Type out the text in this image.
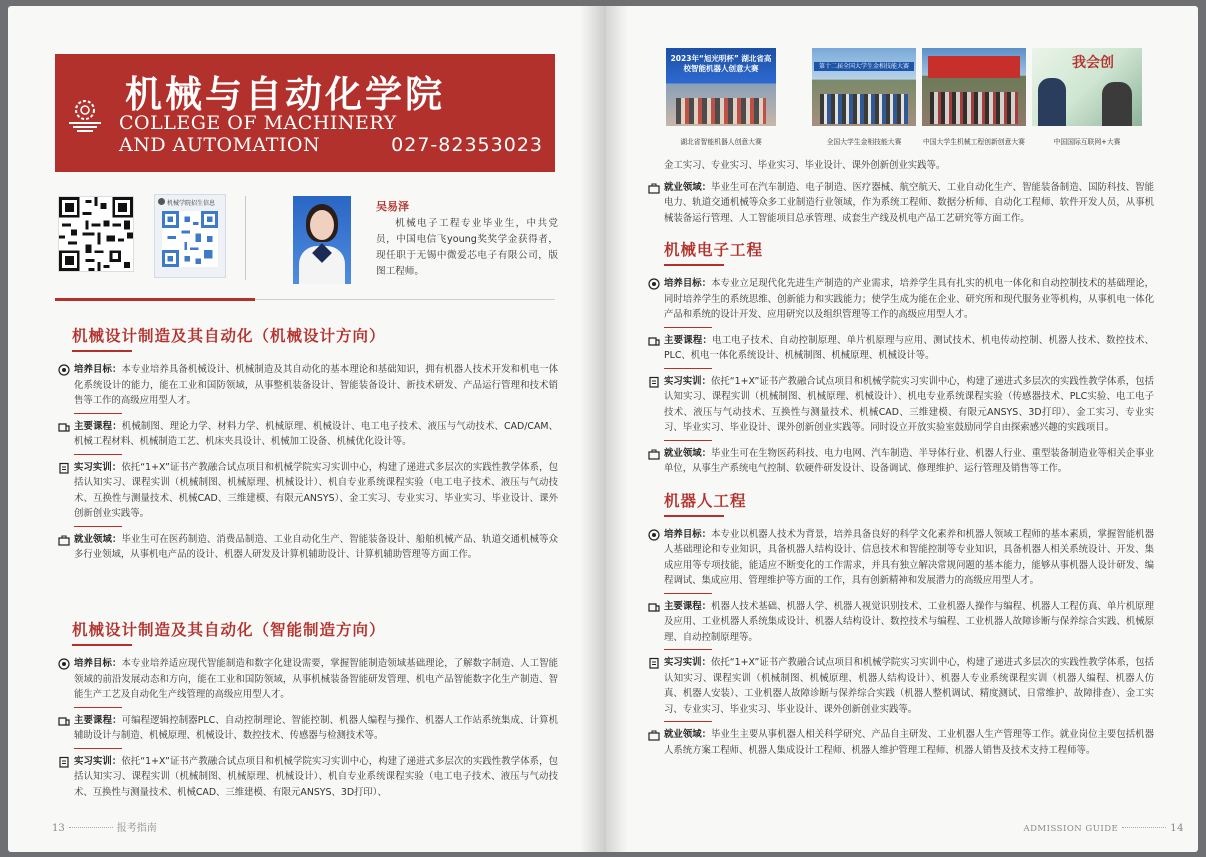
机械与自动化学院
COLLEGE OF MACHINERY
AND AUTOMATION	027-82353023
机械学院招生信息	吴易泽
机械电子工程专业毕业生，中共党员，中国电信飞young奖奖学金获得者，现任职于无锡中微爱芯电子有限公司，版图工程师。
机械设计制造及其自动化（机械设计方向）
培养目标：本专业培养具备机械设计、机械制造及其自动化的基本理论和基础知识，拥有机器人技术开发和机电一体化系统设计的能力，能在工业和国防领域，从事整机装备设计、智能装备设计、新技术研发、产品运行管理和技术销售等工作的高级应用型人才。
主要课程：机械制图、理论力学、材料力学、机械原理、机械设计、电工电子技术、液压与气动技术、CAD/CAM、机械工程材料、机械制造工艺、机床夹具设计、机械加工设备、机械优化设计等。
实习实训：依托“1+X”证书产教融合试点项目和机械学院实习实训中心，构建了递进式多层次的实践性教学体系，包括认知实习、课程实训（机械制图、机械原理、机械设计）、机自专业系统课程实验（电工电子技术、液压与气动技术、互换性与测量技术、机械CAD、三维建模、有限元ANSYS）、金工实习、专业实习、毕业实习、毕业设计、课外创新创业实践等。
就业领域：毕业生可在医药制造、消费品制造、工业自动化生产、智能装备设计、船舶机械产品、轨道交通机械等众多行业领域，从事机电产品的设计、机器人研发及计算机辅助设计、计算机辅助管理等方面工作。
机械设计制造及其自动化（智能制造方向）
培养目标：本专业培养适应现代智能制造和数字化建设需要，掌握智能制造领域基础理论，了解数字制造、人工智能领域的前沿发展动态和方向，能在工业和国防领域，从事机械装备智能研发管理、机电产品智能数字化生产制造、智能生产工艺及自动化生产线管理的高级应用型人才。
主要课程：可编程逻辑控制器PLC、自动控制理论、智能控制、机器人编程与操作、机器人工作站系统集成、计算机辅助设计与制造、机械原理、机械设计、数控技术、传感器与检测技术等。
实习实训：依托“1+X”证书产教融合试点项目和机械学院实习实训中心，构建了递进式多层次的实践性教学体系，包括认知实习、课程实训（机械制图、机械原理、机械设计）、机自专业系统课程实验（电工电子技术、液压与气动技术、互换性与测量技术、机械CAD、三维建模、有限元ANSYS、3D打印）、
13	报考指南
2023年“旭光明杯” 湖北省高校智能机器人创意大赛	第十二届全国大学生金相技能大赛	我会创
湖北省智能机器人创意大赛	全国大学生金相技能大赛	中国大学生机械工程创新创意大赛	中国国际互联网+大赛
金工实习、专业实习、毕业实习、毕业设计、课外创新创业实践等。
就业领域：毕业生可在汽车制造、电子制造、医疗器械、航空航天、工业自动化生产、智能装备制造、国防科技、智能电力、轨道交通机械等众多工业制造行业领域，作为系统工程师、数据分析师、自动化工程师、软件开发人员，从事机械装备运行管理、人工智能项目总承管理、成套生产线及机电产品工艺研究等方面工作。
机械电子工程
培养目标：本专业立足现代化先进生产制造的产业需求，培养学生具有扎实的机电一体化和自动控制技术的基础理论，同时培养学生的系统思维、创新能力和实践能力；使学生成为能在企业、研究所和现代服务业等机构，从事机电一体化产品和系统的设计开发、应用研究以及组织管理等工作的高级应用型人才。
主要课程：电工电子技术、自动控制原理、单片机原理与应用、测试技术、机电传动控制、机器人技术、数控技术、PLC、机电一体化系统设计、机械制图、机械原理、机械设计等。
实习实训：依托“1+X”证书产教融合试点项目和机械学院实习实训中心，构建了递进式多层次的实践性教学体系，包括认知实习、课程实训（机械制图、机械原理、机械设计）、机电专业系统课程实验（传感器技术、PLC实验、电工电子技术、液压与气动技术、互换性与测量技术、机械CAD、三维建模、有限元ANSYS、3D打印）、金工实习、专业实习、毕业实习、毕业设计、课外创新创业实践等。同时设立开放实验室鼓励同学自由探索感兴趣的实践项目。
就业领域：毕业生可在生物医药科技、电力电网、汽车制造、半导体行业、机器人行业、重型装备制造业等相关企事业单位，从事生产系统电气控制、软硬件研发设计、设备调试、修理维护、运行管理及销售等工作。
机器人工程
培养目标：本专业以机器人技术为背景，培养具备良好的科学文化素养和机器人领域工程师的基本素质，掌握智能机器人基础理论和专业知识，具备机器人结构设计、信息技术和智能控制等专业知识，具备机器人相关系统设计、开发、集成应用等专项技能，能适应不断变化的工作需求，并具有独立解决常规问题的基本能力，能够从事机器人设计研发、编程调试、集成应用、管理维护等方面的工作，具有创新精神和发展潜力的高级应用型人才。
主要课程：机器人技术基础、机器人学、机器人视觉识别技术、工业机器人操作与编程、机器人工程仿真、单片机原理及应用、工业机器人系统集成设计、机器人结构设计、数控技术与编程、工业机器人故障诊断与保养综合实践、机械原理、自动控制原理等。
实习实训：依托“1+X”证书产教融合试点项目和机械学院实习实训中心，构建了递进式多层次的实践性教学体系，包括认知实习、课程实训（机械制图、机械原理、机器人结构设计）、机器人专业系统课程实训（机器人编程、机器人仿真、机器人安装）、工业机器人故障诊断与保养综合实践（机器人整机调试、精度测试、日常维护、故障排查）、金工实习、专业实习、毕业实习、毕业设计、课外创新创业实践等。
就业领域：毕业生主要从事机器人相关科学研究、产品自主研发、工业机器人生产管理等工作。就业岗位主要包括机器人系统方案工程师、机器人集成设计工程师、机器人维护管理工程师、机器人销售及技术支持工程师等。
ADMISSION GUIDE	14
